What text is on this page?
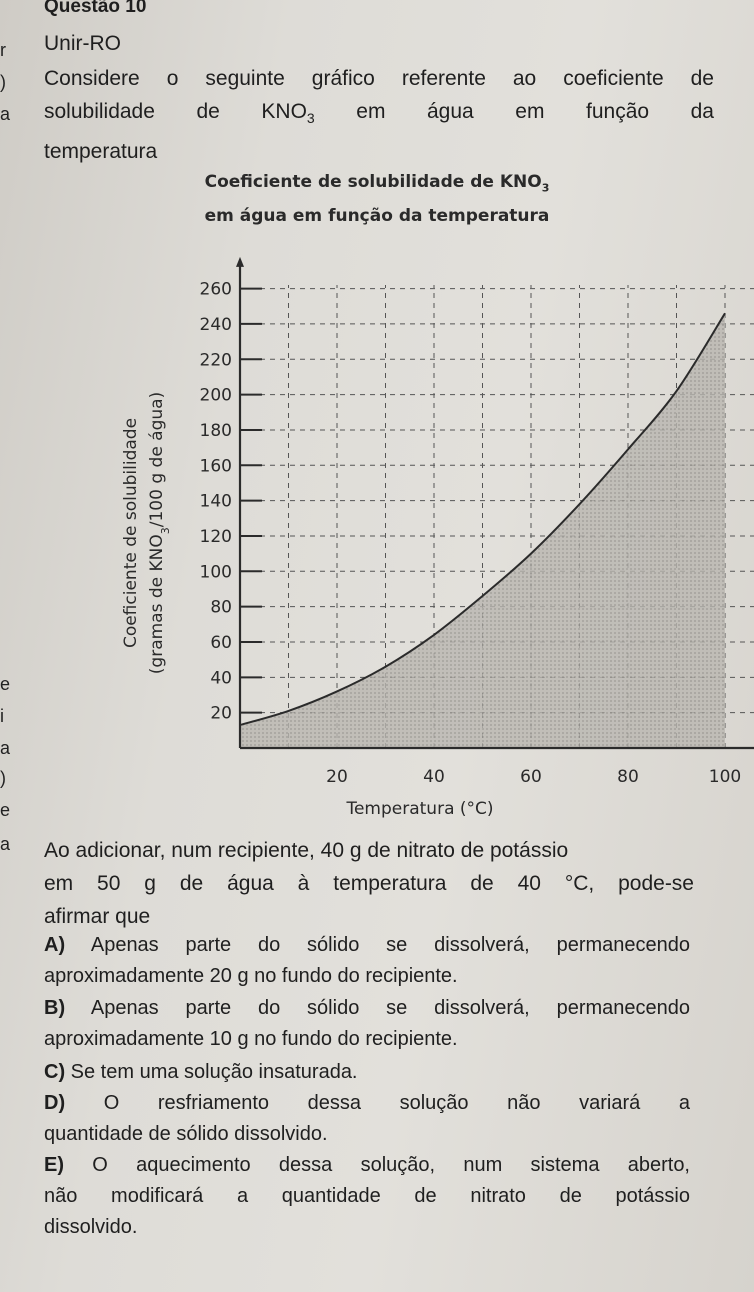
r
)
a
e
i
a
)
e
a
Questão 10
Unir-RO
Considere o seguinte gráfico referente ao coeficiente de
solubilidade de $KNO_3$ em água em função da
temperatura
Coeficiente de solubilidade de $KNO_3$
em água em função da temperatura
20
40
60
80
100
120
140
160
180
200
220
240
260
20	40	60	80	100
Coeficiente de solubilidade (gramas de $KNO_3/100$ g de água)
Temperatura (°C)
Ao adicionar, num recipiente, 40 g de nitrato de potássio

em 50 g de água à temperatura de 40 °C, pode-se
afirmar que
A) Apenas parte do sólido se dissolverá, permanecendo
aproximadamente 20 g no fundo do recipiente.
B) Apenas parte do sólido se dissolverá, permanecendo
aproximadamente 10 g no fundo do recipiente.
C) Se tem uma solução insaturada.
D) O resfriamento dessa solução não variará a
quantidade de sólido dissolvido.
E) O aquecimento dessa solução, num sistema aberto,
não modificará a quantidade de nitrato de potássio
dissolvido.
